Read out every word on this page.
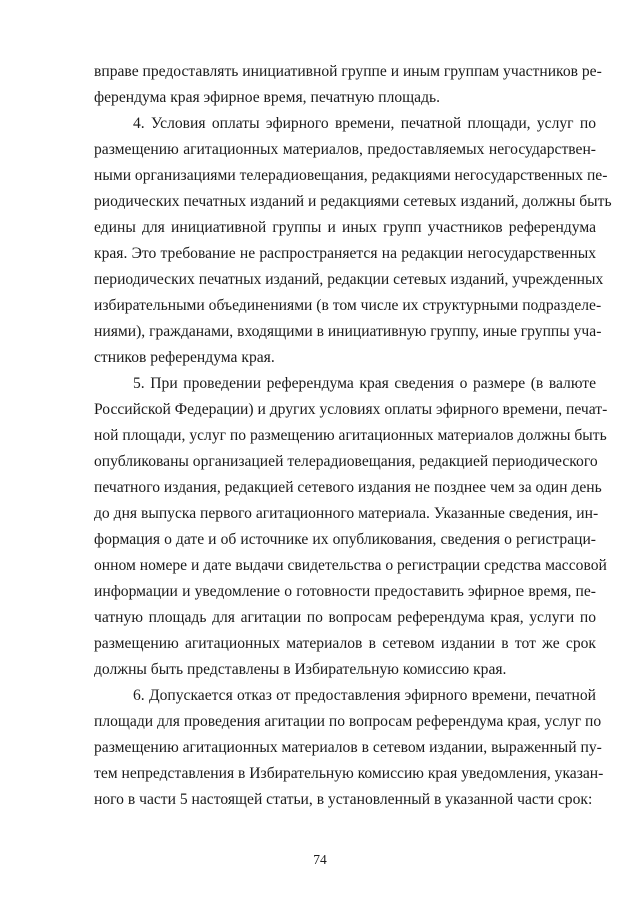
вправе предоставлять инициативной группе и иным группам участников ре-
ферендума края эфирное время, печатную площадь.
4. Условия оплаты эфирного времени, печатной площади, услуг по
размещению агитационных материалов, предоставляемых негосударствен-
ными организациями телерадиовещания, редакциями негосударственных пе-
риодических печатных изданий и редакциями сетевых изданий, должны быть
едины для инициативной группы и иных групп участников референдума
края. Это требование не распространяется на редакции негосударственных
периодических печатных изданий, редакции сетевых изданий, учрежденных
избирательными объединениями (в том числе их структурными подразделе-
ниями), гражданами, входящими в инициативную группу, иные группы уча-
стников референдума края.
5. При проведении референдума края сведения о размере (в валюте
Российской Федерации) и других условиях оплаты эфирного времени, печат-
ной площади, услуг по размещению агитационных материалов должны быть
опубликованы организацией телерадиовещания, редакцией периодического
печатного издания, редакцией сетевого издания не позднее чем за один день
до дня выпуска первого агитационного материала. Указанные сведения, ин-
формация о дате и об источнике их опубликования, сведения о регистраци-
онном номере и дате выдачи свидетельства о регистрации средства массовой
информации и уведомление о готовности предоставить эфирное время, пе-
чатную площадь для агитации по вопросам референдума края, услуги по
размещению агитационных материалов в сетевом издании в тот же срок
должны быть представлены в Избирательную комиссию края.
6. Допускается отказ от предоставления эфирного времени, печатной
площади для проведения агитации по вопросам референдума края, услуг по
размещению агитационных материалов в сетевом издании, выраженный пу-
тем непредставления в Избирательную комиссию края уведомления, указан-
ного в части 5 настоящей статьи, в установленный в указанной части срок:
74
